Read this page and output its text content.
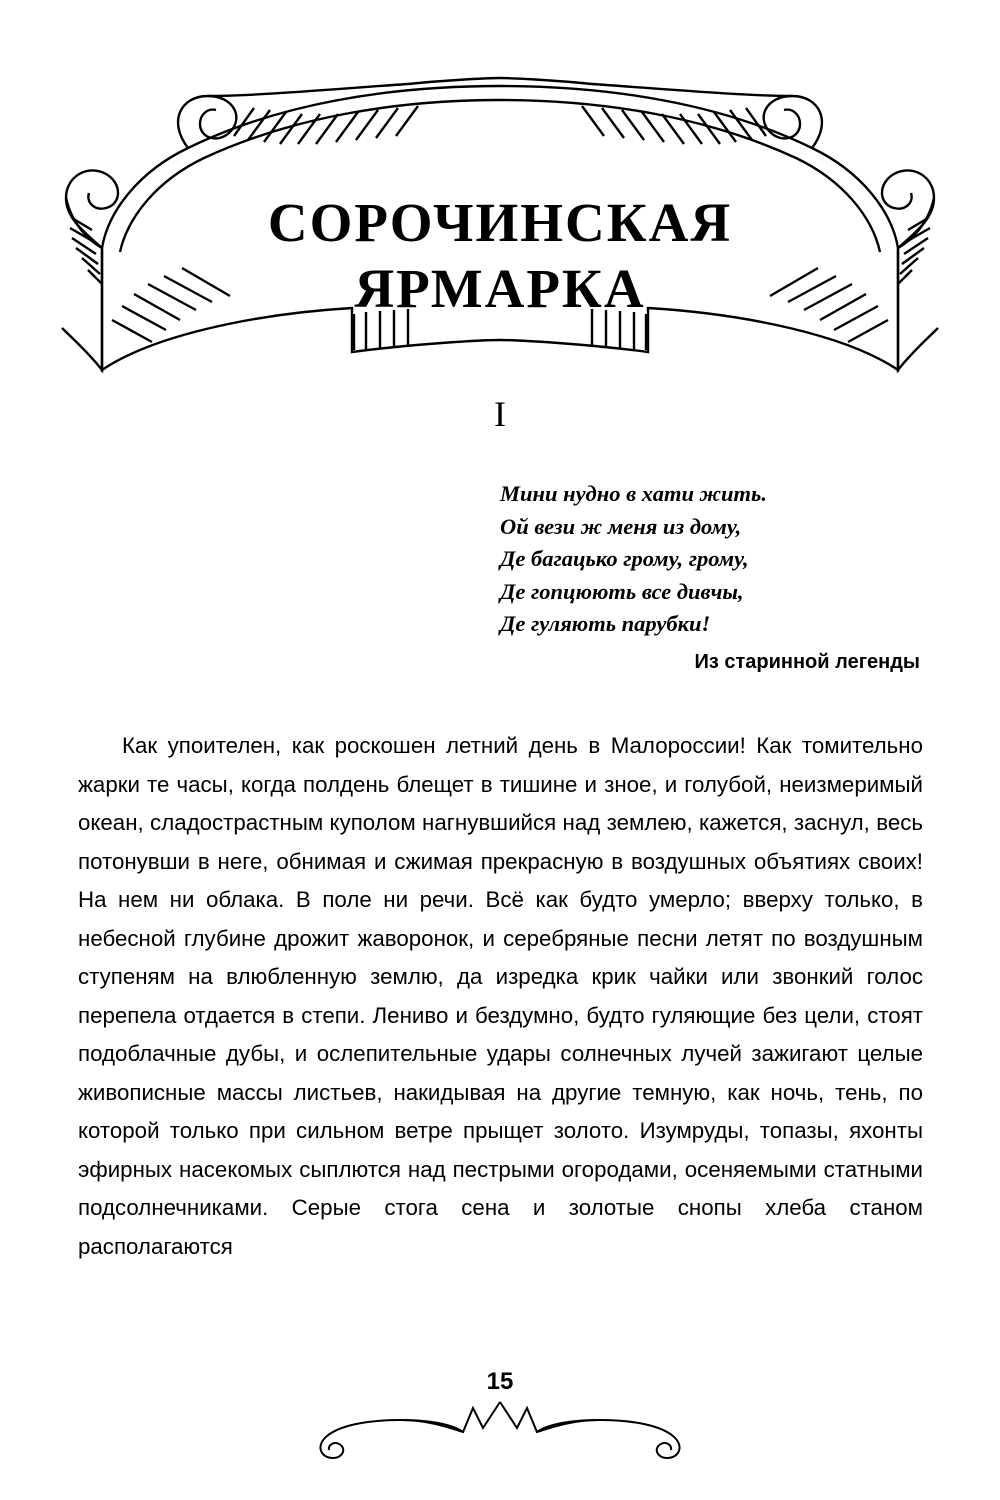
СОРОЧИНСКАЯ
ЯРМАРКА
I
Мини нудно в хати жить.
Ой вези ж меня из дому,
Де багацько грому, грому,
Де гопцюють все дивчы,
Де гуляють парубки!
Из старинной легенды

Как упоителен, как роскошен летний день в Малороссии! Как томительно жарки те часы, когда полдень блещет в тишине и зное, и голубой, неизмеримый океан, сладострастным куполом нагнувшийся над землею, кажется, заснул, весь потонувши в неге, обнимая и сжимая прекрасную в воздушных объятиях своих! На нем ни облака. В поле ни речи. Всё как будто умерло; вверху только, в небесной глубине дрожит жаворонок, и серебряные песни летят по воздушным ступеням на влюбленную землю, да изредка крик чайки или звонкий голос перепела отдается в степи. Лениво и бездумно, будто гуляющие без цели, стоят подоблачные дубы, и ослепительные удары солнечных лучей зажигают целые живописные массы листьев, накидывая на другие темную, как ночь, тень, по которой только при сильном ветре прыщет золото. Изумруды, топазы, яхонты эфирных насекомых сыплются над пестрыми огородами, осеняемыми статными подсолнечниками. Серые стога сена и золотые снопы хлеба станом располагаются

15
